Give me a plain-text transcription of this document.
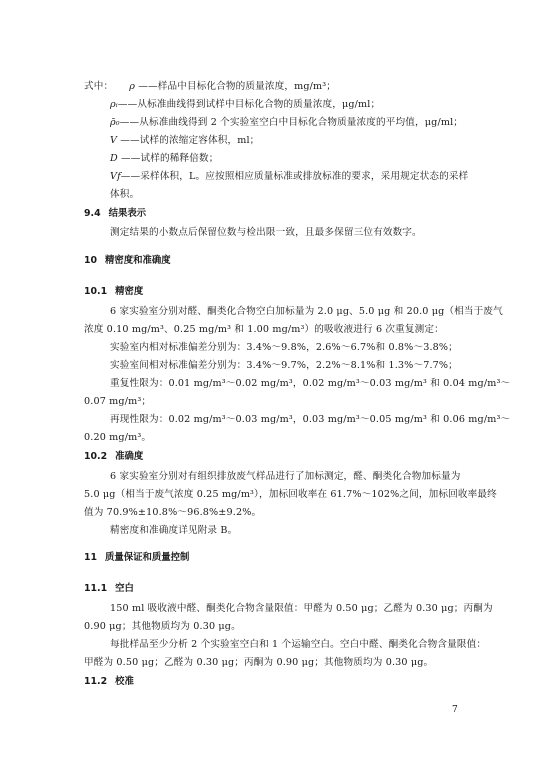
式中： ρ ——样品中目标化合物的质量浓度，mg/m³；
ρᵢ——从标准曲线得到试样中目标化合物的质量浓度，μg/ml；
ρ̄₀——从标准曲线得到 2 个实验室空白中目标化合物质量浓度的平均值，μg/ml；
V ——试样的浓缩定容体积，ml；
D ——试样的稀释倍数；
Vf——采样体积，L。应按照相应质量标准或排放标准的要求，采用规定状态的采样
体积。
9.4 结果表示
测定结果的小数点后保留位数与检出限一致，且最多保留三位有效数字。
10 精密度和准确度
10.1 精密度
6 家实验室分别对醛、酮类化合物空白加标量为 2.0 μg、5.0 μg 和 20.0 μg（相当于废气
浓度 0.10 mg/m³、0.25 mg/m³ 和 1.00 mg/m³）的吸收液进行 6 次重复测定：
实验室内相对标准偏差分别为：3.4%～9.8%，2.6%～6.7%和 0.8%～3.8%；
实验室间相对标准偏差分别为：3.4%～9.7%，2.2%～8.1%和 1.3%～7.7%；
重复性限为：0.01 mg/m³～0.02 mg/m³，0.02 mg/m³～0.03 mg/m³ 和 0.04 mg/m³～
0.07 mg/m³；
再现性限为：0.02 mg/m³～0.03 mg/m³，0.03 mg/m³～0.05 mg/m³ 和 0.06 mg/m³～
0.20 mg/m³。
10.2 准确度
6 家实验室分别对有组织排放废气样品进行了加标测定，醛、酮类化合物加标量为
5.0 μg（相当于废气浓度 0.25 mg/m³），加标回收率在 61.7%～102%之间，加标回收率最终
值为 70.9%±10.8%～96.8%±9.2%。
精密度和准确度详见附录 B。
11 质量保证和质量控制
11.1 空白
150 ml 吸收液中醛、酮类化合物含量限值：甲醛为 0.50 μg；乙醛为 0.30 μg；丙酮为
0.90 μg；其他物质均为 0.30 μg。
每批样品至少分析 2 个实验室空白和 1 个运输空白。空白中醛、酮类化合物含量限值：
甲醛为 0.50 μg；乙醛为 0.30 μg；丙酮为 0.90 μg；其他物质均为 0.30 μg。
11.2 校准
7
